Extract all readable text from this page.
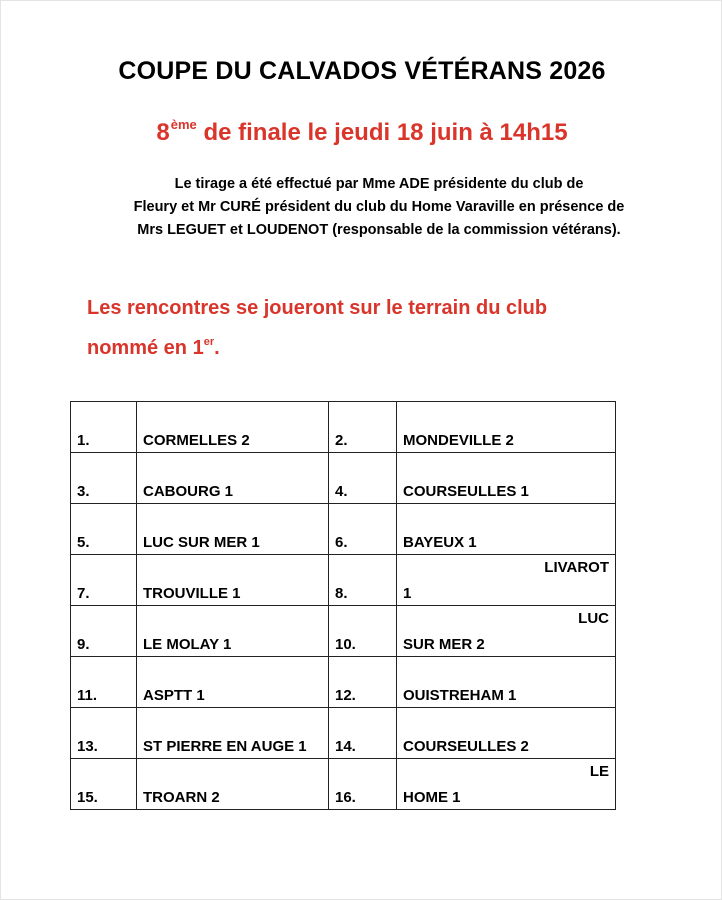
COUPE DU CALVADOS VÉTÉRANS 2026
8ème de finale le jeudi 18 juin à 14h15
Le tirage a été effectué par Mme ADE présidente du club de
Fleury et Mr CURÉ président du club du Home Varaville en présence de
Mrs LEGUET et LOUDENOT (responsable de la commission vétérans).
Les rencontres se joueront sur le terrain du club
nommé en 1er.
1.	CORMELLES 2	2.	MONDEVILLE 2
3.	CABOURG 1	4.	COURSEULLES 1
5.	LUC SUR MER 1	6.	BAYEUX 1
7.	TROUVILLE 1	8.	LIVAROT
1
9.	LE MOLAY 1	10.	LUC
SUR MER 2
11.	ASPTT 1	12.	OUISTREHAM 1
13.	ST PIERRE EN AUGE 1	14.	COURSEULLES 2
15.	TROARN 2	16.	LE
HOME 1
